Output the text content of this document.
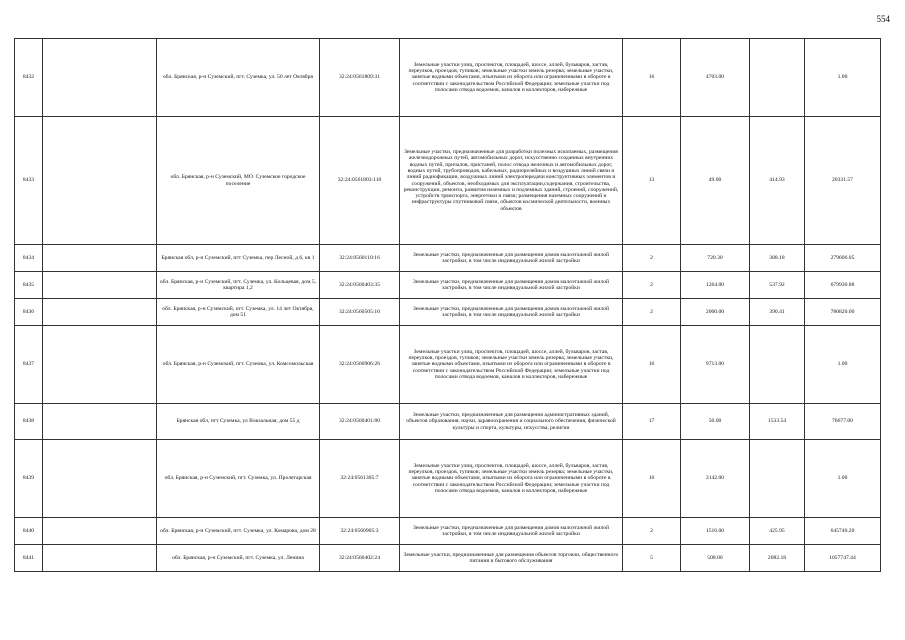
554
8432		обл. Брянская, р-н Суземский, пгт. Суземка, ул. 50 лет Октября	32:24:0561809:31	Земельные участки улиц, проспектов, площадей, шоссе, аллей, бульваров, застав, переулков, проездов, тупиков; земельные участки земель резерва; земельные участки, занятые водными объектами, изъятыми из оборота или ограниченными в обороте в соответствии с законодательством Российской Федерации; земельные участки под полосами отвода водоемов, каналов и коллекторов, набережные	16	4703.00		1.00
8433		обл. Брянская, р-н Суземский, МО. Суземское городское поселение	32:24:0561803:110	Земельные участки, предназначенные для разработки полезных ископаемых, размещения железнодорожных путей, автомобильных дорог, искусственно созданных внутренних водных путей, причалов, пристаней, полос отвода железных и автомобильных дорог, водных путей, трубопроводов, кабельных, радиорелейных и воздушных линий связи и линий радиофикации, воздушных линий электропередачи конструктивных элементов и сооружений, объектов, необходимых для эксплуатации,содержания, строительства, реконструкции, ремонта, развития наземных и подземных зданий, строений, сооружений, устройств транспорта, энергетики и связи; размещения наземных сооружений и инфраструктуры спутниковой связи, объектов космической деятельности, военных объектов	13	49.00	414.93	20331.57
8434		Брянская обл, р-н Суземский, пгт Суземка, пер Лесной, д 6, кв 1	32:24:0560110:16	Земельные участки, предназначенные для размещения домов малоэтажной жилой застройки, в том числе индивидуальной жилой застройки	2	720.30	388.18	279606.05
8435		обл. Брянская, р-н Суземский, пгт. Суземка, ул. Кольцевая, дом 5, квартира 1,2	32:24:0560403:35	Земельные участки, предназначенные для размещения домов малоэтажной жилой застройки, в том числе индивидуальной жилой застройки	2	1264.00	537.92	679930.88
8436		обл. Брянская, р-н Суземский, пгт. Суземка, ул. 14 лет Октября, дом 51	32:24:0560505:10	Земельные участки, предназначенные для размещения домов малоэтажной жилой застройки, в том числе индивидуальной жилой застройки	2	2000.00	390.41	780820.00
8437		обл. Брянская, р-н Суземский, пгт. Суземка, ул. Комсомольская	32:24:0560906:26	Земельные участки улиц, проспектов, площадей, шоссе, аллей, бульваров, застав, переулков, проездов, тупиков; земельные участки земель резерва; земельные участки, занятые водными объектами, изъятыми из оборота или ограниченными в обороте в соответствии с законодательством Российской Федерации; земельные участки под полосами отвода водоемов, каналов и коллекторов, набережные	16	9713.00		1.00
8438		Брянская обл, пгт Суземка, ул Вокзальная, дом 55 д	32:24:0560401:80	Земельные участки, предназначенные для размещения административных зданий, объектов образования, науки, здравоохранения и социального обеспечения, физической культуры и спорта, культуры, искусства, религии	17	50.00	1533.54	76677.00
8439		обл. Брянская, р-н Суземский, пгт. Суземка, ул. Пролетарская	32:24:0561305:7	Земельные участки улиц, проспектов, площадей, шоссе, аллей, бульваров, застав, переулков, проездов, тупиков; земельные участки земель резерва; земельные участки, занятые водными объектами, изъятыми из оборота или ограниченными в обороте в соответствии с законодательством Российской Федерации; земельные участки под полосами отвода водоемов, каналов и коллекторов, набережные	16	3142.00		1.00
8440		обл. Брянская, р-н Суземский, пгт. Суземка, ул. Комарова, дом 28	32:24:0560905:3	Земельные участки, предназначенные для размещения домов малоэтажной жилой застройки, в том числе индивидуальной жилой застройки	2	1516.00	425.95	645740.20
8441		обл. Брянская, р-н Суземский, пгт. Суземка, ул. Ленина	32:24:0560402:24	Земельные участки, предназначенные для размещения объектов торговли, общественного питания и бытового обслуживания	5	508.00	2082.18	1057747.44
